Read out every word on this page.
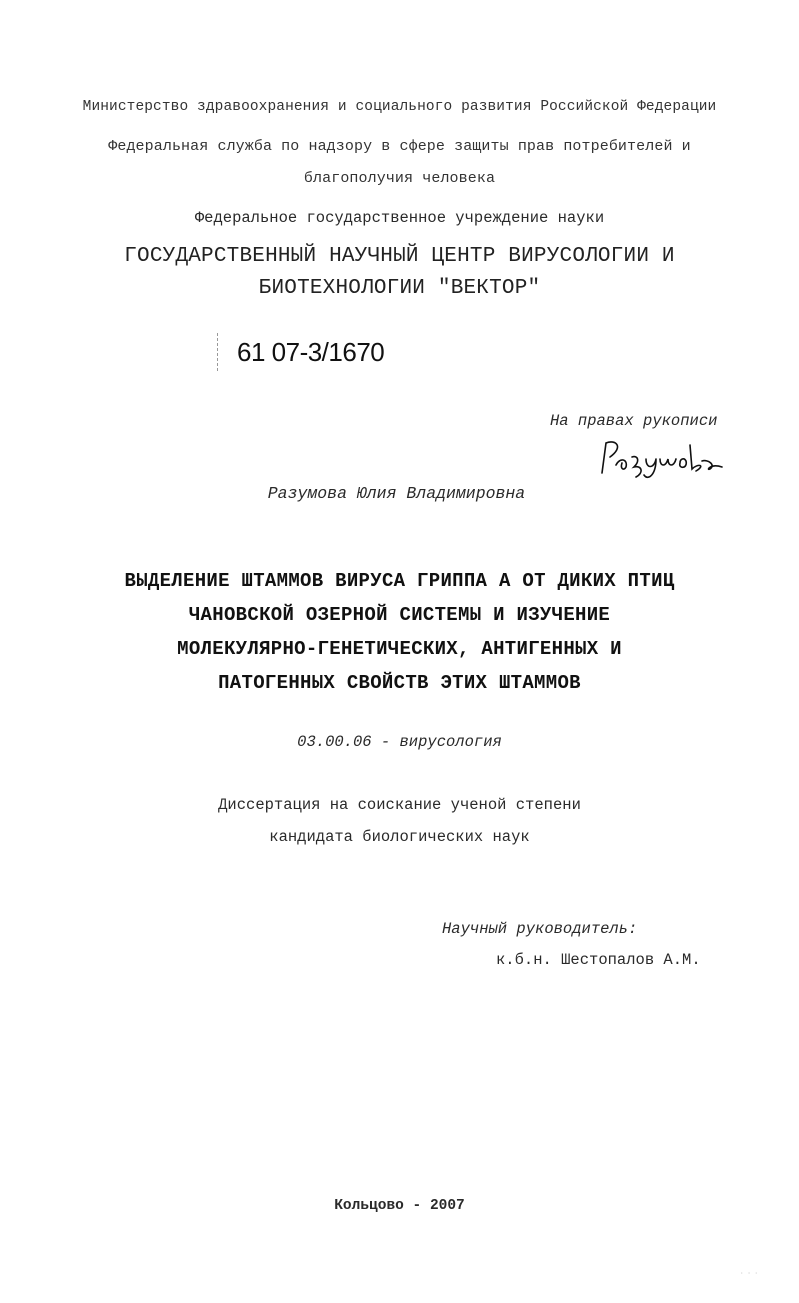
Министерство здравоохранения и социального развития Российской Федерации
Федеральная служба по надзору в сфере защиты прав потребителей и
благополучия человека
Федеральное государственное учреждение науки
ГОСУДАРСТВЕННЫЙ НАУЧНЫЙ ЦЕНТР ВИРУСОЛОГИИ И
БИОТЕХНОЛОГИИ "ВЕКТОР"
61 07-3/1670
На правах рукописи
Разумова Юлия Владимировна
ВЫДЕЛЕНИЕ ШТАММОВ ВИРУСА ГРИППА А ОТ ДИКИХ ПТИЦ
ЧАНОВСКОЙ ОЗЕРНОЙ СИСТЕМЫ И ИЗУЧЕНИЕ
МОЛЕКУЛЯРНО-ГЕНЕТИЧЕСКИХ, АНТИГЕННЫХ И
ПАТОГЕННЫХ СВОЙСТВ ЭТИХ ШТАММОВ
03.00.06 - вирусология
Диссертация на соискание ученой степени
кандидата биологических наук
Научный руководитель:
к.б.н. Шестопалов А.М.
Кольцово - 2007
· · ·
